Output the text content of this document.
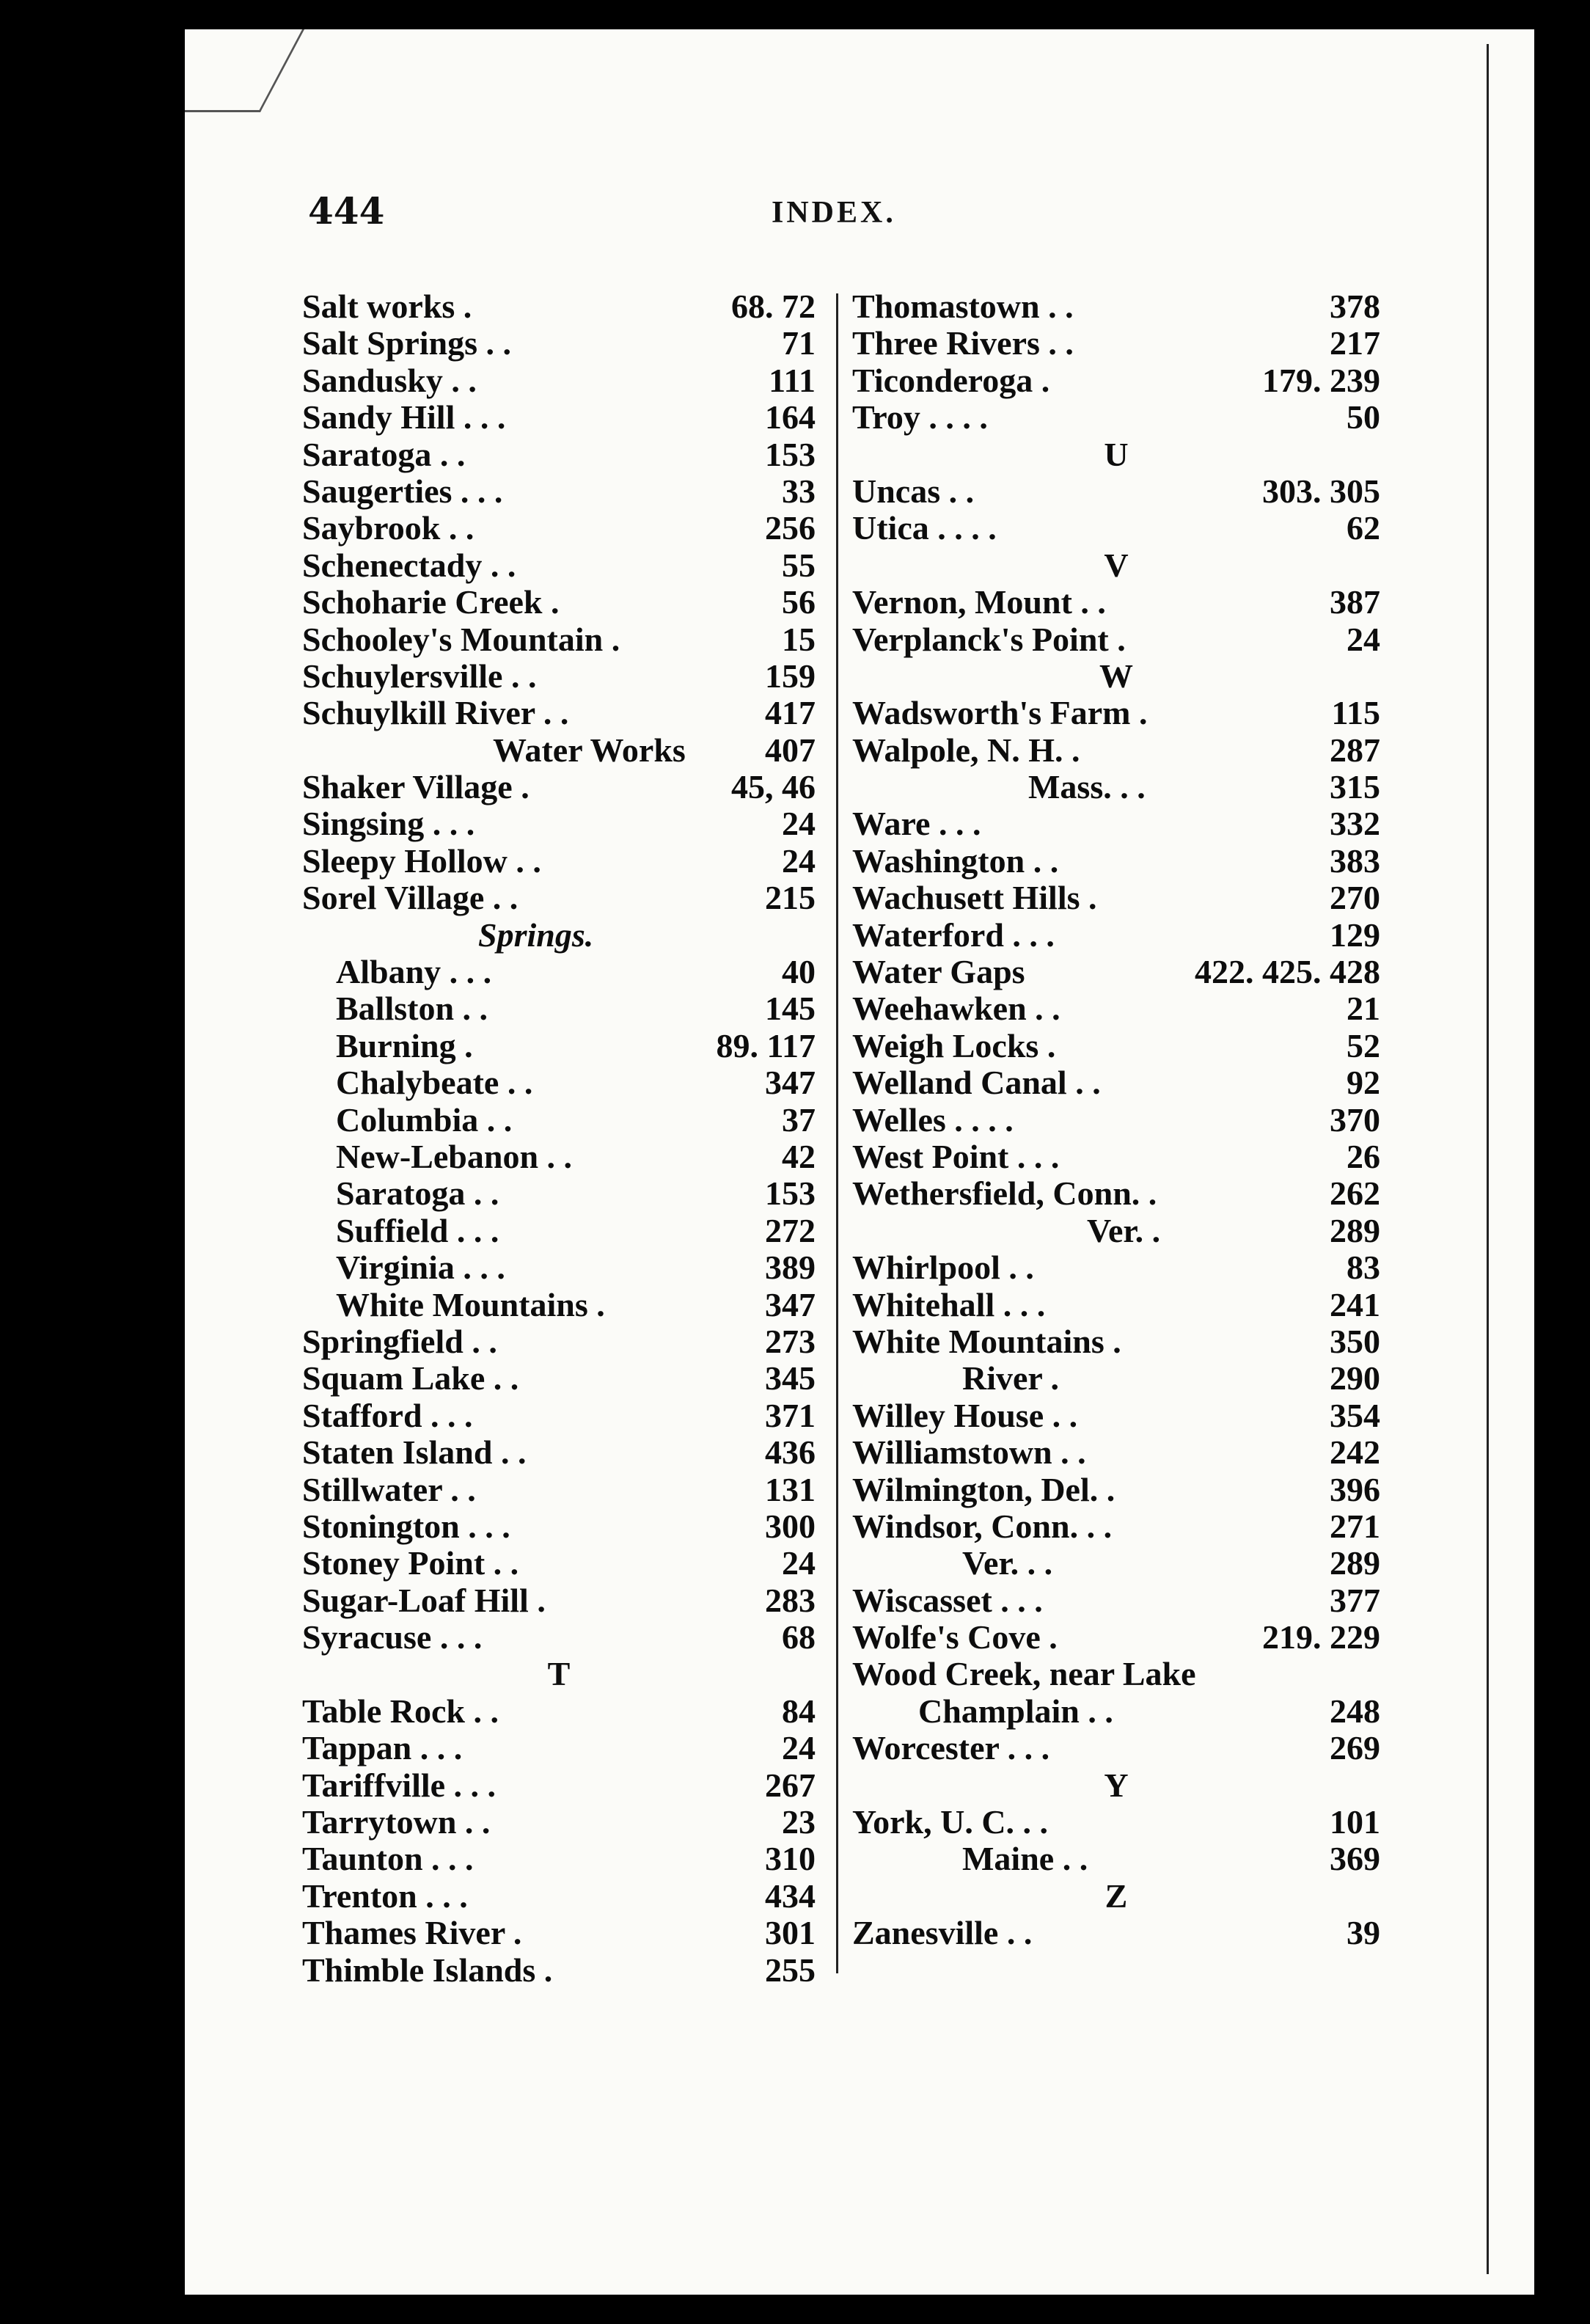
444	INDEX.
Salt works .	68. 72
Salt Springs . .	71
Sandusky . .	111
Sandy Hill . . .	164
Saratoga . .	153
Saugerties . . .	33
Saybrook . .	256
Schenectady . .	55
Schoharie Creek .	56
Schooley's Mountain .	15
Schuylersville . .	159
Schuylkill River . .	417
Water Works 407
Shaker Village .	45, 46
Singsing . . .	24
Sleepy Hollow . .	24
Sorel Village . .	215
Springs.
Albany . . .	40
Ballston . .	145
Burning .	89. 117
Chalybeate . .	347
Columbia . .	37
New-Lebanon . .	42
Saratoga . .	153
Suffield . . .	272
Virginia . . .	389
White Mountains .	347
Springfield . .	273
Squam Lake . .	345
Stafford . . .	371
Staten Island . .	436
Stillwater . .	131
Stonington . . .	300
Stoney Point . .	24
Sugar-Loaf Hill .	283
Syracuse . . .	68
T
Table Rock . .	84
Tappan . . .	24
Tariffville . . .	267
Tarrytown . .	23
Taunton . . .	310
Trenton . . .	434
Thames River .	301
Thimble Islands .	255
Thomastown . .	378
Three Rivers . .	217
Ticonderoga .	179. 239
Troy . . . .	50
U
Uncas . .	303. 305
Utica . . . .	62
V
Vernon, Mount . .	387
Verplanck's Point .	24
W
Wadsworth's Farm .	115
Walpole, N. H. .	287
Mass. . .	315
Ware . . .	332
Washington . .	383
Wachusett Hills .	270
Waterford . . .	129
Water Gaps	422. 425. 428
Weehawken . .	21
Weigh Locks .	52
Welland Canal . .	92
Welles . . . .	370
West Point . . .	26
Wethersfield, Conn. .	262
Ver. .	289
Whirlpool . .	83
Whitehall . . .	241
White Mountains .	350
River .	290
Willey House . .	354
Williamstown . .	242
Wilmington, Del. .	396
Windsor, Conn. . .	271
Ver. . .	289
Wiscasset . . .	377
Wolfe's Cove .	219. 229
Wood Creek, near Lake
Champlain . .	248
Worcester . . .	269
Y
York, U. C. . .	101
Maine . .	369
Z
Zanesville . .	39
